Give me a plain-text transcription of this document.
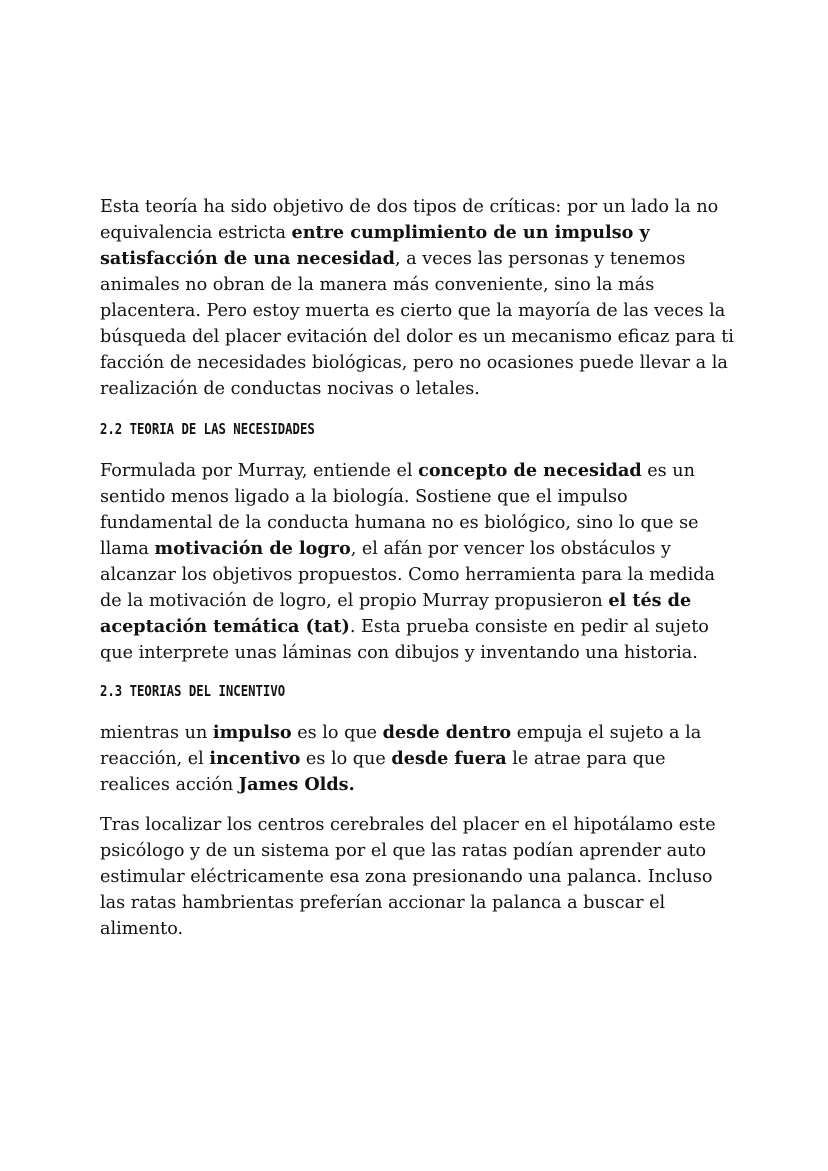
Esta teoría ha sido objetivo de dos tipos de críticas: por un lado la no equivalencia estricta entre cumplimiento de un impulso y satisfacción de una necesidad, a veces las personas y tenemos animales no obran de la manera más conveniente, sino la más placentera. Pero estoy muerta es cierto que la mayoría de las veces la búsqueda del placer evitación del dolor es un mecanismo eficaz para ti facción de necesidades biológicas, pero no ocasiones puede llevar a la realización de conductas nocivas o letales.

2.2 TEORIA DE LAS NECESIDADES

Formulada por Murray, entiende el concepto de necesidad es un sentido menos ligado a la biología. Sostiene que el impulso fundamental de la conducta humana no es biológico, sino lo que se llama motivación de logro, el afán por vencer los obstáculos y alcanzar los objetivos propuestos. Como herramienta para la medida de la motivación de logro, el propio Murray propusieron el tés de aceptación temática (tat). Esta prueba consiste en pedir al sujeto que interprete unas láminas con dibujos y inventando una historia.

2.3 TEORIAS DEL INCENTIVO

mientras un impulso es lo que desde dentro empuja el sujeto a la reacción, el incentivo es lo que desde fuera le atrae para que realices acción James Olds.

Tras localizar los centros cerebrales del placer en el hipotálamo este psicólogo y de un sistema por el que las ratas podían aprender auto estimular eléctricamente esa zona presionando una palanca. Incluso las ratas hambrientas preferían accionar la palanca a buscar el alimento.
